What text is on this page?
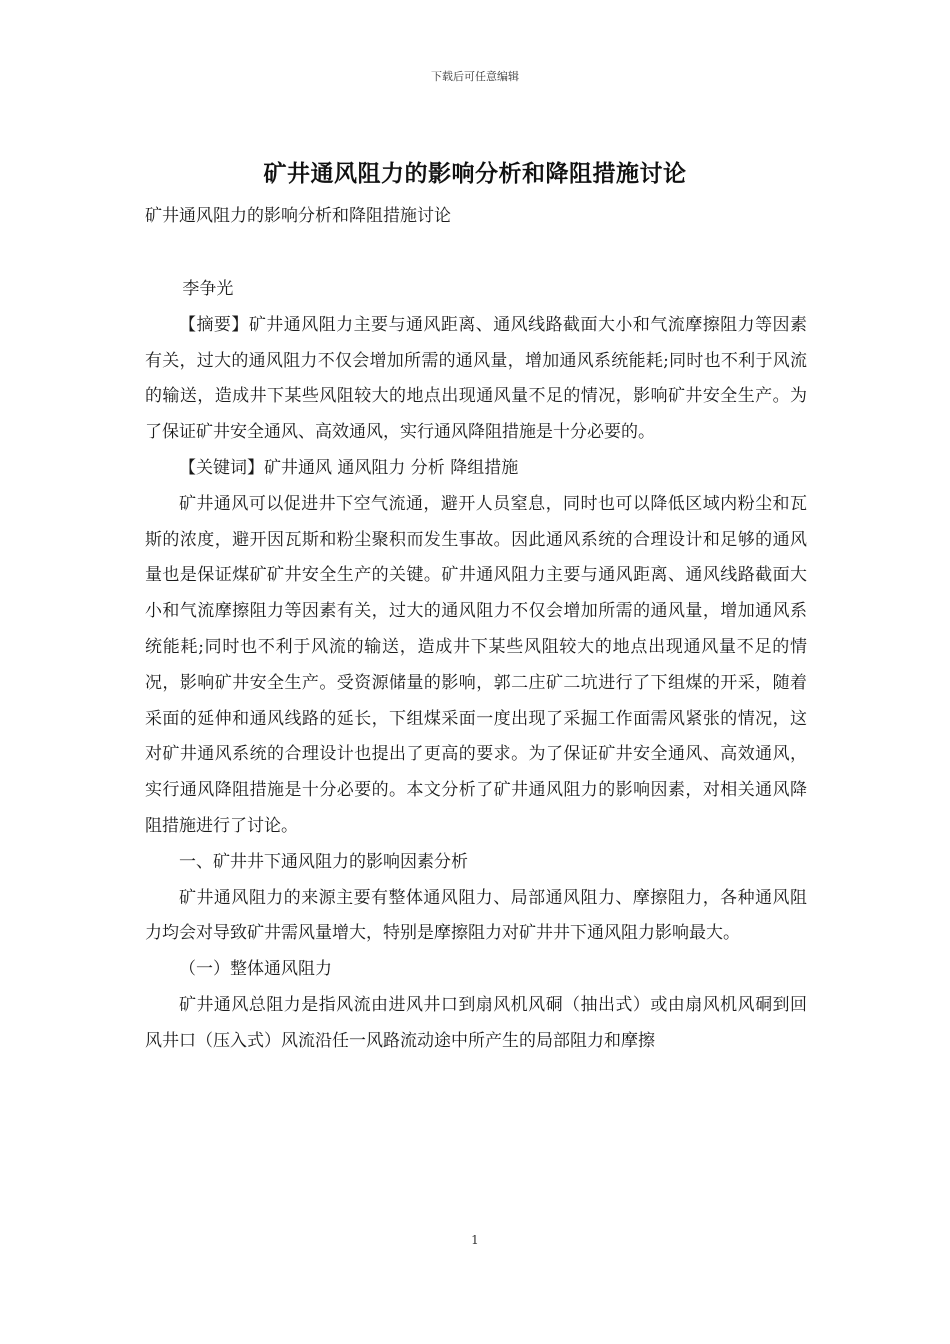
下载后可任意编辑
矿井通风阻力的影响分析和降阻措施讨论
矿井通风阻力的影响分析和降阻措施讨论

李争光

【摘要】矿井通风阻力主要与通风距离、通风线路截面大小和气流摩擦阻力等因素有关，过大的通风阻力不仅会增加所需的通风量，增加通风系统能耗;同时也不利于风流的输送，造成井下某些风阻较大的地点出现通风量不足的情况，影响矿井安全生产。为了保证矿井安全通风、高效通风，实行通风降阻措施是十分必要的。

【关键词】矿井通风 通风阻力 分析 降组措施

矿井通风可以促进井下空气流通，避开人员窒息，同时也可以降低区域内粉尘和瓦斯的浓度，避开因瓦斯和粉尘聚积而发生事故。因此通风系统的合理设计和足够的通风量也是保证煤矿矿井安全生产的关键。矿井通风阻力主要与通风距离、通风线路截面大小和气流摩擦阻力等因素有关，过大的通风阻力不仅会增加所需的通风量，增加通风系统能耗;同时也不利于风流的输送，造成井下某些风阻较大的地点出现通风量不足的情况，影响矿井安全生产。受资源储量的影响，郭二庄矿二坑进行了下组煤的开采，随着采面的延伸和通风线路的延长，下组煤采面一度出现了采掘工作面需风紧张的情况，这对矿井通风系统的合理设计也提出了更高的要求。为了保证矿井安全通风、高效通风，实行通风降阻措施是十分必要的。本文分析了矿井通风阻力的影响因素，对相关通风降阻措施进行了讨论。

一、矿井井下通风阻力的影响因素分析

矿井通风阻力的来源主要有整体通风阻力、局部通风阻力、摩擦阻力，各种通风阻力均会对导致矿井需风量增大，特别是摩擦阻力对矿井井下通风阻力影响最大。

（一）整体通风阻力

矿井通风总阻力是指风流由进风井口到扇风机风硐（抽出式）或由扇风机风硐到回风井口（压入式）风流沿任一风路流动途中所产生的局部阻力和摩擦

1
